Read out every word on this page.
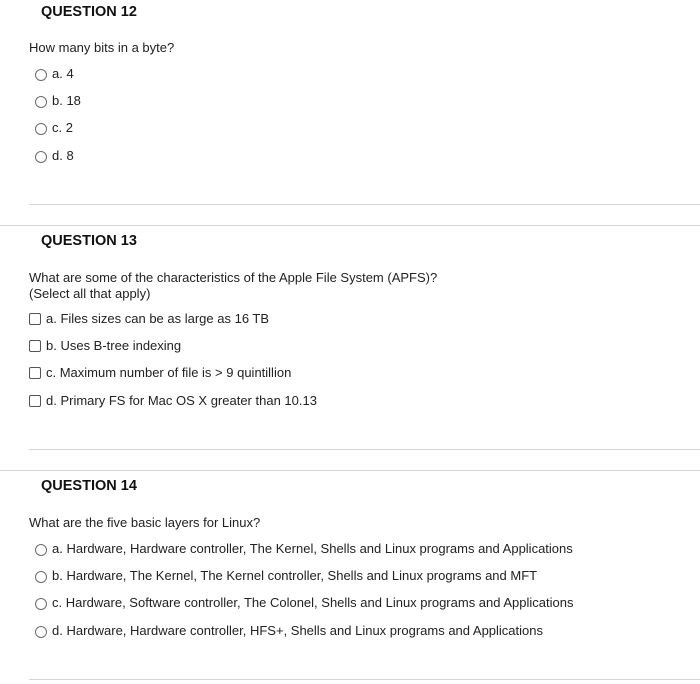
QUESTION 12
How many bits in a byte?
a. 4
b. 18
c. 2
d. 8
QUESTION 13
What are some of the characteristics of the Apple File System (APFS)?
(Select all that apply)
a. Files sizes can be as large as 16 TB
b. Uses B-tree indexing
c. Maximum number of file is > 9 quintillion
d. Primary FS for Mac OS X greater than 10.13
QUESTION 14
What are the five basic layers for Linux?
a. Hardware, Hardware controller, The Kernel, Shells and Linux programs and Applications
b. Hardware, The Kernel, The Kernel controller, Shells and Linux programs and MFT
c. Hardware, Software controller, The Colonel, Shells and Linux programs and Applications
d. Hardware, Hardware controller, HFS+, Shells and Linux programs and Applications
